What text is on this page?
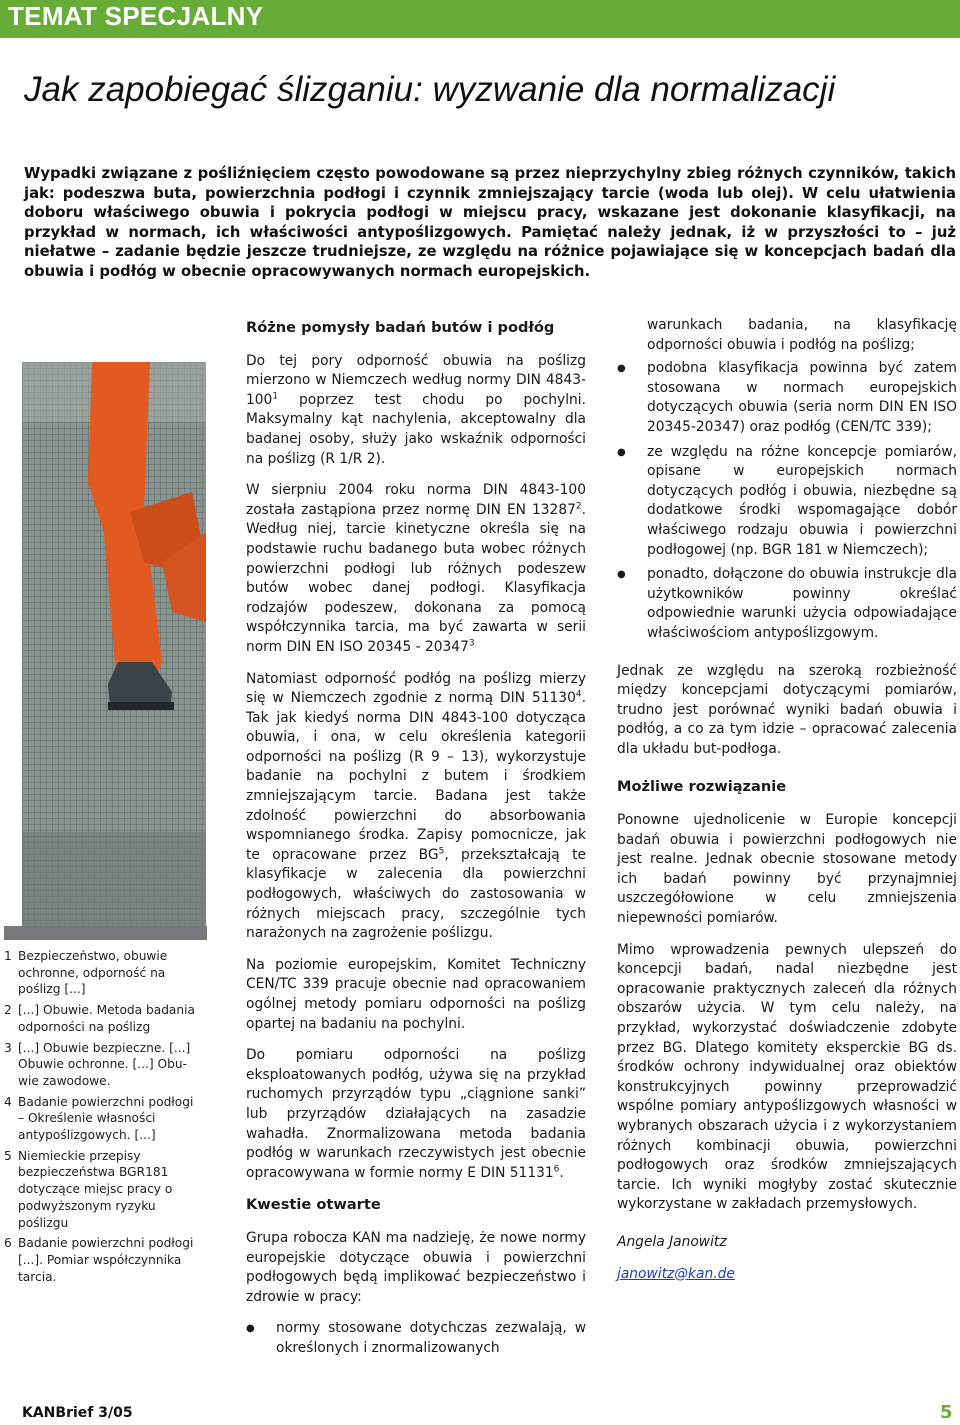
TEMAT SPECJALNY
Jak zapobiegać ślizganiu: wyzwanie dla normalizacji

Wypadki związane z pośliźnięciem często powodowane są przez nieprzychylny zbieg różnych czynników, takich jak: podeszwa buta, powierzchnia podłogi i czynnik zmniejszający tarcie (woda lub olej). W celu ułatwienia doboru właściwego obuwia i pokrycia podłogi w miejscu pracy, wskazane jest dokonanie klasyfikacji, na przykład w normach, ich właściwości antypoślizgowych. Pamiętać należy jednak, iż w przyszłości to – już niełatwe – zadanie będzie jeszcze trudniejsze, ze względu na różnice pojawiające się w koncepcjach badań dla obuwia i podłóg w obecnie opracowywanych normach europejskich.

1 Bezpieczeństwo, obuwie ochronne, odporność na poślizg [...]
2 [...] Obuwie. Metoda badania odporności na poślizg
3 [...] Obuwie bezpieczne. [...] Obuwie ochronne. [...] Obu-wie zawodowe.
4 Badanie powierzchni podłogi – Określenie własności antypoślizgowych. [...]
5 Niemieckie przepisy bezpieczeństwa BGR181 dotyczące miejsc pracy o podwyższonym ryzyku poślizgu
6 Badanie powierzchni podłogi [...]. Pomiar współczynnika tarcia.
Różne pomysły badań butów i podłóg

Do tej pory odporność obuwia na poślizg mierzono w Niemczech według normy DIN $4843-100^1$ poprzez test chodu po pochylni. Maksymalny kąt nachylenia, akceptowalny dla badanej osoby, służy jako wskaźnik odporności na poślizg (R 1/R 2).

W sierpniu 2004 roku norma DIN 4843-100 została zastąpiona przez normę DIN EN 13287$^2$. Według niej, tarcie kinetyczne określa się na podstawie ruchu badanego buta wobec różnych powierzchni podłogi lub różnych podeszew butów wobec danej podłogi. Klasyfikacja rodzajów podeszew, dokonana za pomocą współczynnika tarcia, ma być zawarta w serii norm DIN EN ISO 20345 - 20347$^3$

Natomiast odporność podłóg na poślizg mierzy się w Niemczech zgodnie z normą DIN 51130$^4$. Tak jak kiedyś norma DIN 4843-100 dotycząca obuwia, i ona, w celu określenia kategorii odporności na poślizg (R 9 – 13), wykorzystuje badanie na pochylni z butem i środkiem zmniejszającym tarcie. Badana jest także zdolność powierzchni do absorbowania wspomnianego środka. Zapisy pomocnicze, jak te opracowane przez $BG^5$, przekształcają te klasyfikacje w zalecenia dla powierzchni podłogowych, właściwych do zastosowania w różnych miejscach pracy, szczególnie tych narażonych na zagrożenie poślizgu.

Na poziomie europejskim, Komitet Techniczny CEN/TC 339 pracuje obecnie nad opracowaniem ogólnej metody pomiaru odporności na poślizg opartej na badaniu na pochylni.

Do pomiaru odporności na poślizg eksploatowanych podłóg, używa się na przykład ruchomych przyrządów typu „ciągnione sanki” lub przyrządów działających na zasadzie wahadła. Znormalizowana metoda badania podłóg w warunkach rzeczywistych jest obecnie opracowywana w formie normy E DIN 51131$^6$.

Kwestie otwarte

Grupa robocza KAN ma nadzieję, że nowe normy europejskie dotyczące obuwia i powierzchni podłogowych będą implikować bezpieczeństwo i zdrowie w pracy:

● normy stosowane dotychczas zezwalają, w określonych i znormalizowanych

warunkach badania, na klasyfikację odporności obuwia i podłóg na poślizg;

● podobna klasyfikacja powinna być zatem stosowana w normach europejskich dotyczących obuwia (seria norm DIN EN ISO 20345-20347) oraz podłóg (CEN/TC 339);
● ze względu na różne koncepcje pomiarów, opisane w europejskich normach dotyczących podłóg i obuwia, niezbędne są dodatkowe środki wspomagające dobór właściwego rodzaju obuwia i powierzchni podłogowej (np. BGR 181 w Niemczech);
● ponadto, dołączone do obuwia instrukcje dla użytkowników powinny określać odpowiednie warunki użycia odpowiadające właściwościom antypoślizgowym.

Jednak ze względu na szeroką rozbieżność między koncepcjami dotyczącymi pomiarów, trudno jest porównać wyniki badań obuwia i podłóg, a co za tym idzie – opracować zalecenia dla układu but-podłoga.

Możliwe rozwiązanie

Ponowne ujednolicenie w Europie koncepcji badań obuwia i powierzchni podłogowych nie jest realne. Jednak obecnie stosowane metody ich badań powinny być przynajmniej uszczegółowione w celu zmniejszenia niepewności pomiarów.

Mimo wprowadzenia pewnych ulepszeń do koncepcji badań, nadal niezbędne jest opracowanie praktycznych zaleceń dla różnych obszarów użycia. W tym celu należy, na przykład, wykorzystać doświadczenie zdobyte przez BG. Dlatego komitety eksperckie BG ds. środków ochrony indywidualnej oraz obiektów konstrukcyjnych powinny przeprowadzić wspólne pomiary antypoślizgowych własności w wybranych obszarach użycia i z wykorzystaniem różnych kombinacji obuwia, powierzchni podłogowych oraz środków zmniejszających tarcie. Ich wyniki mogłyby zostać skutecznie wykorzystane w zakładach przemysłowych.

Angela Janowitz

janowitz@kan.de
KANBrief 3/05	5
